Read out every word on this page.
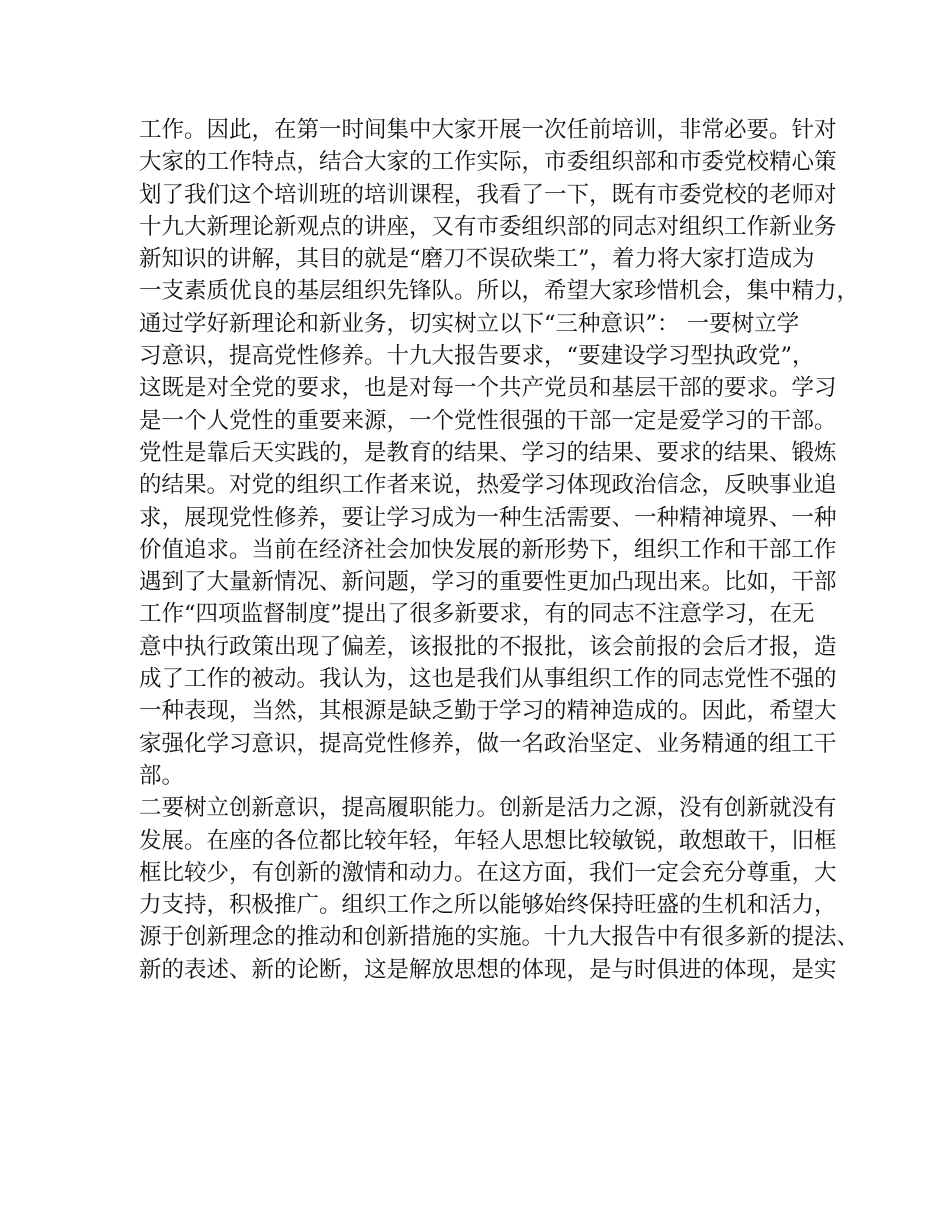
工作。因此，在第一时间集中大家开展一次任前培训，非常必要。针对
大家的工作特点，结合大家的工作实际，市委组织部和市委党校精心策
划了我们这个培训班的培训课程，我看了一下，既有市委党校的老师对
十九大新理论新观点的讲座，又有市委组织部的同志对组织工作新业务
新知识的讲解，其目的就是“磨刀不误砍柴工”，着力将大家打造成为
一支素质优良的基层组织先锋队。所以，希望大家珍惜机会，集中精力，
通过学好新理论和新业务，切实树立以下“三种意识”： 一要树立学
习意识，提高党性修养。十九大报告要求，“要建设学习型执政党”，
这既是对全党的要求，也是对每一个共产党员和基层干部的要求。学习
是一个人党性的重要来源，一个党性很强的干部一定是爱学习的干部。
党性是靠后天实践的，是教育的结果、学习的结果、要求的结果、锻炼
的结果。对党的组织工作者来说，热爱学习体现政治信念，反映事业追
求，展现党性修养，要让学习成为一种生活需要、一种精神境界、一种
价值追求。当前在经济社会加快发展的新形势下，组织工作和干部工作
遇到了大量新情况、新问题，学习的重要性更加凸现出来。比如，干部
工作“四项监督制度”提出了很多新要求，有的同志不注意学习，在无
意中执行政策出现了偏差，该报批的不报批，该会前报的会后才报，造
成了工作的被动。我认为，这也是我们从事组织工作的同志党性不强的
一种表现，当然，其根源是缺乏勤于学习的精神造成的。因此，希望大
家强化学习意识，提高党性修养，做一名政治坚定、业务精通的组工干
部。
二要树立创新意识，提高履职能力。创新是活力之源，没有创新就没有
发展。在座的各位都比较年轻，年轻人思想比较敏锐，敢想敢干，旧框
框比较少，有创新的激情和动力。在这方面，我们一定会充分尊重，大
力支持，积极推广。组织工作之所以能够始终保持旺盛的生机和活力，
源于创新理念的推动和创新措施的实施。十九大报告中有很多新的提法、
新的表述、新的论断，这是解放思想的体现，是与时俱进的体现，是实
